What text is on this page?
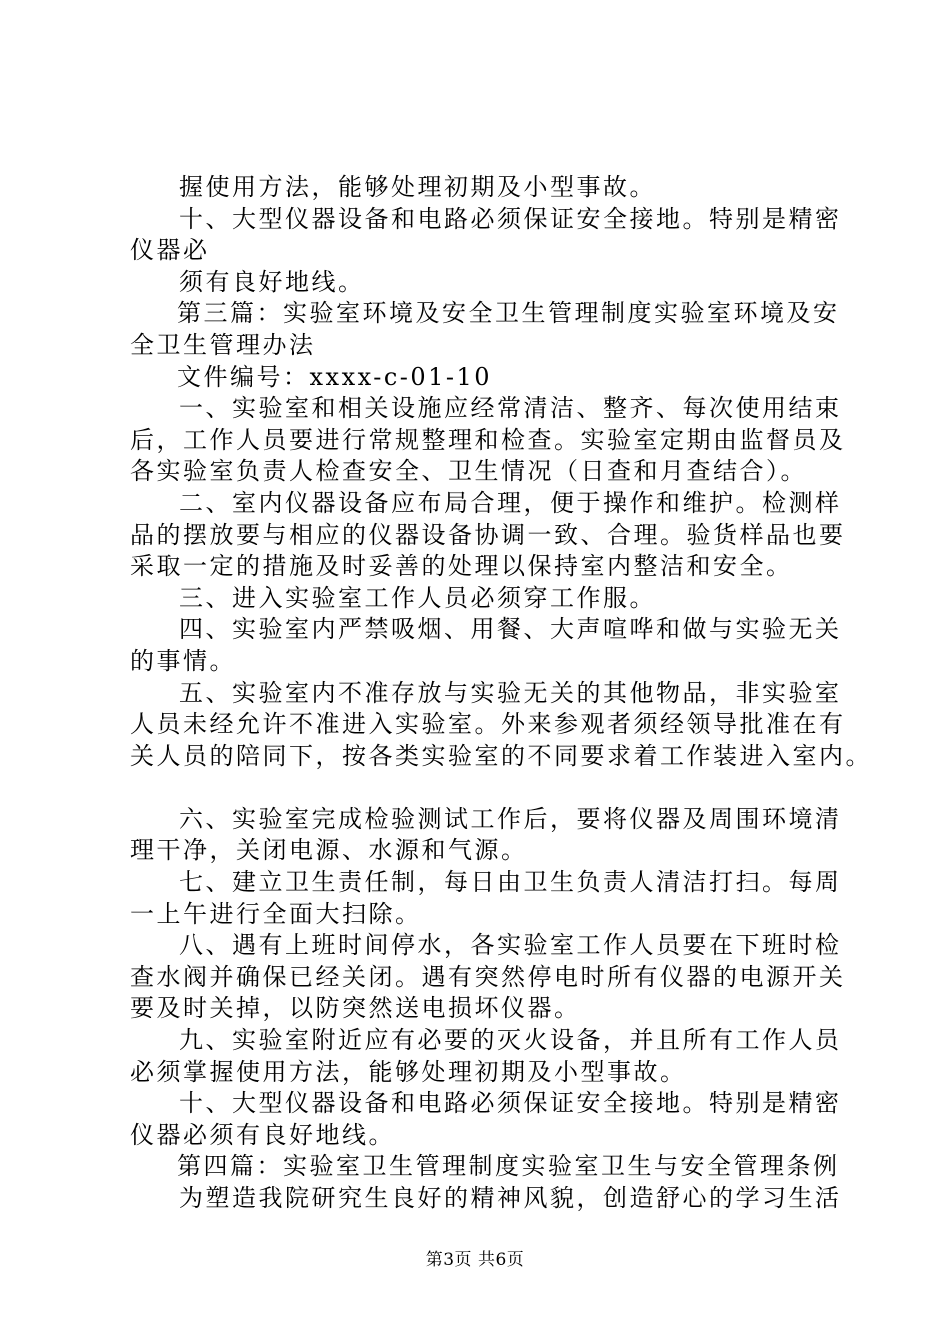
握使用方法，能够处理初期及小型事故。
十、大型仪器设备和电路必须保证安全接地。特别是精密
仪器必
须有良好地线。
第三篇：实验室环境及安全卫生管理制度实验室环境及安
全卫生管理办法
文件编号：xxxx-c-01-10
一、实验室和相关设施应经常清洁、整齐、每次使用结束
后，工作人员要进行常规整理和检查。实验室定期由监督员及
各实验室负责人检查安全、卫生情况（日查和月查结合）。
二、室内仪器设备应布局合理，便于操作和维护。检测样
品的摆放要与相应的仪器设备协调一致、合理。验货样品也要
采取一定的措施及时妥善的处理以保持室内整洁和安全。
三、进入实验室工作人员必须穿工作服。
四、实验室内严禁吸烟、用餐、大声喧哗和做与实验无关
的事情。
五、实验室内不准存放与实验无关的其他物品，非实验室
人员未经允许不准进入实验室。外来参观者须经领导批准在有
关人员的陪同下，按各类实验室的不同要求着工作装进入室内。
六、实验室完成检验测试工作后，要将仪器及周围环境清
理干净，关闭电源、水源和气源。
七、建立卫生责任制，每日由卫生负责人清洁打扫。每周
一上午进行全面大扫除。
八、遇有上班时间停水，各实验室工作人员要在下班时检
查水阀并确保已经关闭。遇有突然停电时所有仪器的电源开关
要及时关掉，以防突然送电损坏仪器。
九、实验室附近应有必要的灭火设备，并且所有工作人员
必须掌握使用方法，能够处理初期及小型事故。
十、大型仪器设备和电路必须保证安全接地。特别是精密
仪器必须有良好地线。
第四篇：实验室卫生管理制度实验室卫生与安全管理条例
为塑造我院研究生良好的精神风貌，创造舒心的学习生活
第3页 共6页
